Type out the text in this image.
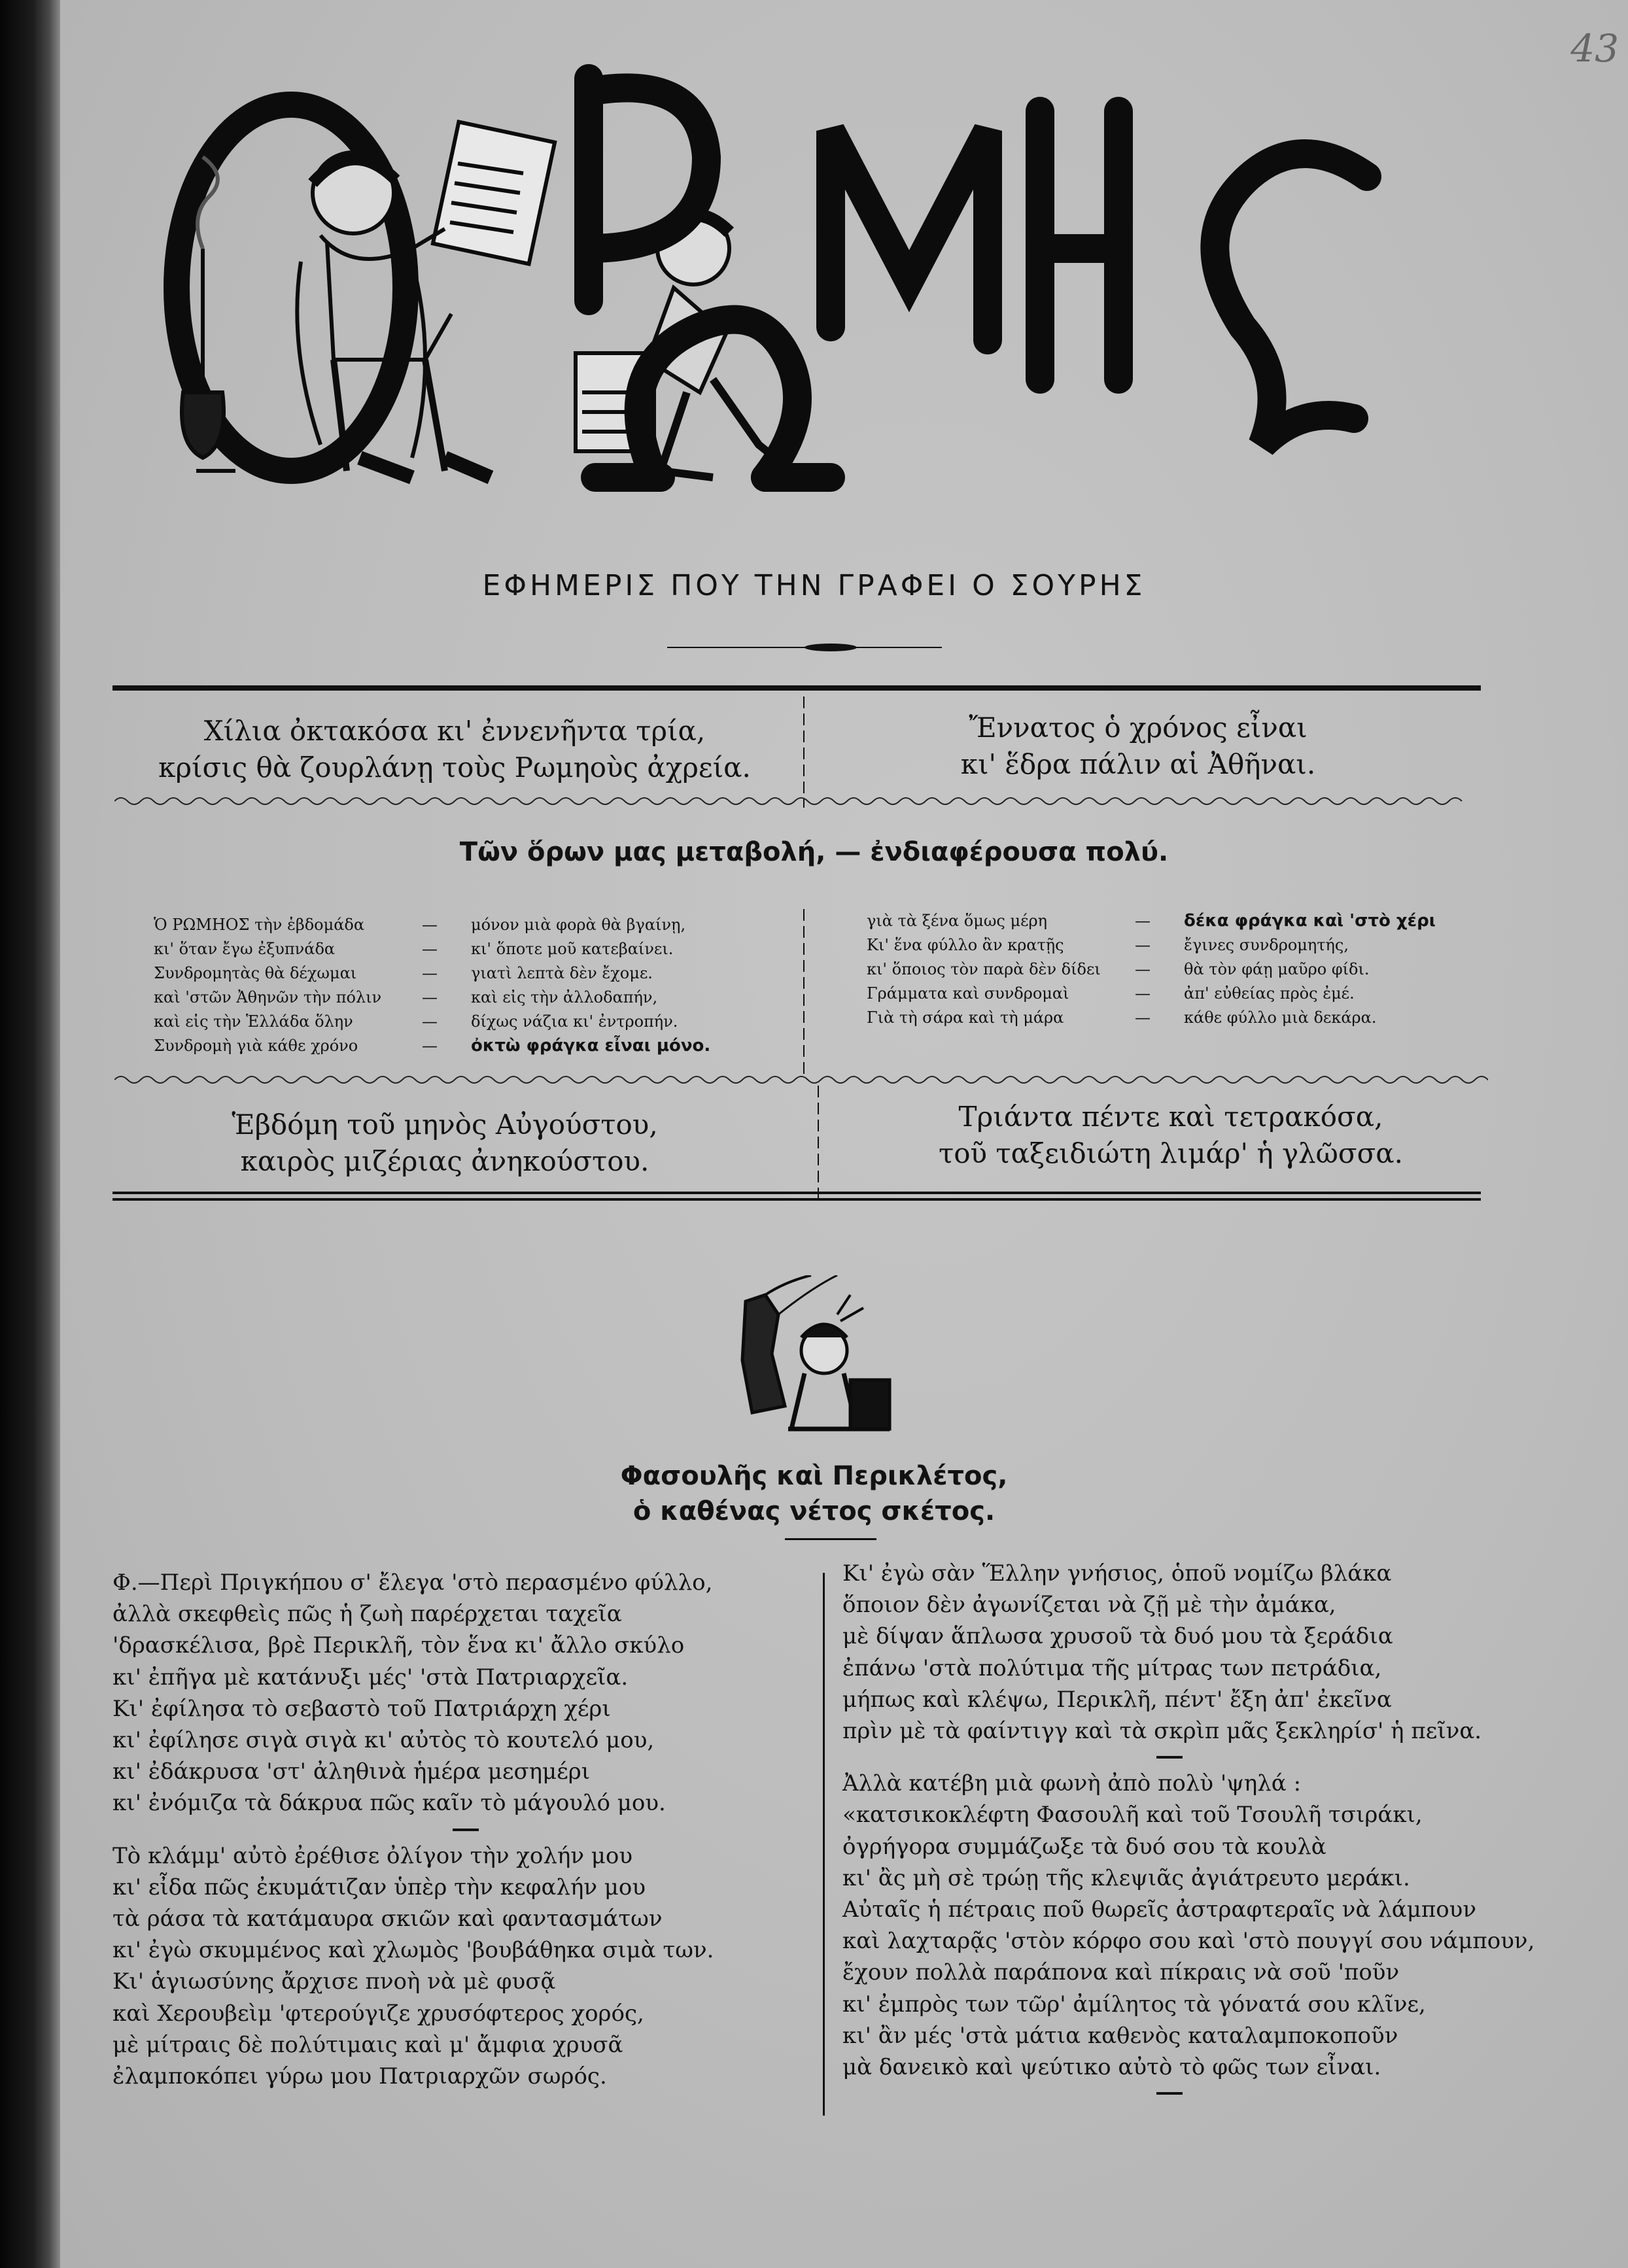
43
ΕΦΗΜΕΡΙΣ ΠΟΥ ΤΗΝ ΓΡΑΦΕΙ Ο ΣΟΥΡΗΣ
Χίλια ὀκτακόσα κι' ἐννενῆντα τρία,
κρίσις θὰ ζουρλάνῃ τοὺς Ρωμηοὺς ἀχρεία.
Ἔννατος ὁ χρόνος εἶναι
κι' ἕδρα πάλιν αἱ Ἀθῆναι.
Τῶν ὅρων μας μεταβολή, — ἐνδιαφέρουσα πολύ.
Ὁ ΡΩΜΗΟΣ τὴν ἑβδομάδα	—	μόνον μιὰ φορὰ θὰ βγαίνῃ,
κι' ὅταν ἔγω ἐξυπνάδα	—	κι' ὅποτε μοῦ κατεβαίνει.
Συνδρομητὰς θὰ δέχωμαι	—	γιατὶ λεπτὰ δὲν ἔχομε.
καὶ 'στῶν Ἀθηνῶν τὴν πόλιν	—	καὶ εἰς τὴν ἀλλοδαπήν,
καὶ εἰς τὴν Ἑλλάδα ὅλην	—	δίχως νάζια κι' ἐντροπήν.
Συνδρομὴ γιὰ κάθε χρόνο	—	ὀκτὼ φράγκα εἶναι μόνο.
γιὰ τὰ ξένα ὅμως μέρη	—	δέκα φράγκα καὶ 'στὸ χέρι
Κι' ἕνα φύλλο ἂν κρατῇς	—	ἔγινες συνδρομητής,
κι' ὅποιος τὸν παρὰ δὲν δίδει	—	θὰ τὸν φάῃ μαῦρο φίδι.
Γράμματα καὶ συνδρομαὶ	—	ἀπ' εὐθείας πρὸς ἐμέ.
Γιὰ τὴ σάρα καὶ τὴ μάρα	—	κάθε φύλλο μιὰ δεκάρα.
Ἑβδόμη τοῦ μηνὸς Αὐγούστου,
καιρὸς μιζέριας ἀνηκούστου.
Τριάντα πέντε καὶ τετρακόσα,
τοῦ ταξειδιώτη λιμάρ' ἡ γλῶσσα.
Φασουλῆς καὶ Περικλέτος,
ὁ καθένας νέτος σκέτος.
Φ.—Περὶ Πριγκήπου σ' ἔλεγα 'στὸ περασμένο φύλλο,
ἀλλὰ σκεφθεὶς πῶς ἡ ζωὴ παρέρχεται ταχεῖα
'δρασκέλισα, βρὲ Περικλῆ, τὸν ἕνα κι' ἄλλο σκύλο
κι' ἐπῆγα μὲ κατάνυξι μές' 'στὰ Πατριαρχεῖα.
Κι' ἐφίλησα τὸ σεβαστὸ τοῦ Πατριάρχη χέρι
κι' ἐφίλησε σιγὰ σιγὰ κι' αὐτὸς τὸ κουτελό μου,
κι' ἐδάκρυσα 'στ' ἀληθινὰ ἡμέρα μεσημέρι
κι' ἐνόμιζα τὰ δάκρυα πῶς καῖν τὸ μάγουλό μου.
Τὸ κλάμμ' αὐτὸ ἐρέθισε ὀλίγον τὴν χολήν μου
κι' εἶδα πῶς ἐκυμάτιζαν ὑπὲρ τὴν κεφαλήν μου
τὰ ράσα τὰ κατάμαυρα σκιῶν καὶ φαντασμάτων
κι' ἐγὼ σκυμμένος καὶ χλωμὸς 'βουβάθηκα σιμὰ των.
Κι' ἁγιωσύνης ἄρχισε πνοὴ νὰ μὲ φυσᾷ
καὶ Χερουβεὶμ 'φτερούγιζε χρυσόφτερος χορός,
μὲ μίτραις δὲ πολύτιμαις καὶ μ' ἄμφια χρυσᾶ
ἐλαμποκόπει γύρω μου Πατριαρχῶν σωρός.
Κι' ἐγὼ σὰν Ἕλλην γνήσιος, ὁποῦ νομίζω βλάκα
ὅποιον δὲν ἀγωνίζεται νὰ ζῇ μὲ τὴν ἀμάκα,
μὲ δίψαν ἅπλωσα χρυσοῦ τὰ δυό μου τὰ ξεράδια
ἐπάνω 'στὰ πολύτιμα τῆς μίτρας των πετράδια,
μήπως καὶ κλέψω, Περικλῆ, πέντ' ἔξη ἀπ' ἐκεῖνα
πρὶν μὲ τὰ φαίντιγγ καὶ τὰ σκρὶπ μᾶς ξεκληρίσ' ἡ πεῖνα.
Ἀλλὰ κατέβη μιὰ φωνὴ ἀπὸ πολὺ 'ψηλά :
«κατσικοκλέφτη Φασουλῆ καὶ τοῦ Τσουλῆ τσιράκι,
ὀγρήγορα συμμάζωξε τὰ δυό σου τὰ κουλὰ
κι' ἂς μὴ σὲ τρώῃ τῆς κλεψιᾶς ἀγιάτρευτο μεράκι.
Αὐταῖς ἡ πέτραις ποῦ θωρεῖς ἀστραφτεραῖς νὰ λάμπουν
καὶ λαχταρᾷς 'στὸν κόρφο σου καὶ 'στὸ πουγγί σου νάμπουν,
ἔχουν πολλὰ παράπονα καὶ πίκραις νὰ σοῦ 'ποῦν
κι' ἐμπρὸς των τῶρ' ἀμίλητος τὰ γόνατά σου κλῖνε,
κι' ἂν μές 'στὰ μάτια καθενὸς καταλαμποκοποῦν
μὰ δανεικὸ καὶ ψεύτικο αὐτὸ τὸ φῶς των εἶναι.
